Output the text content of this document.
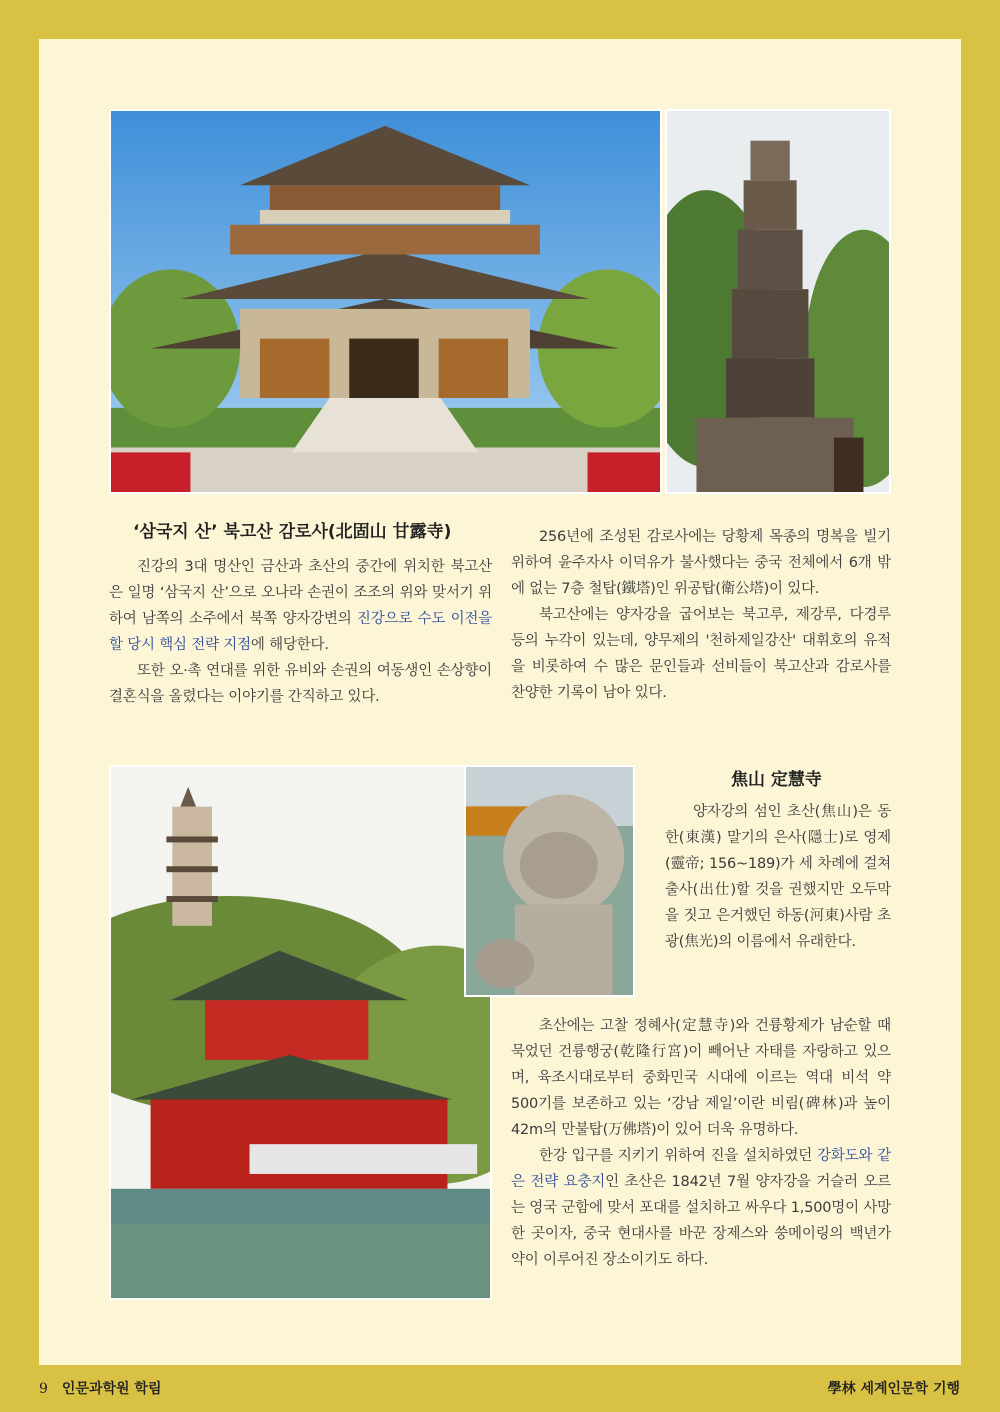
‘삼국지 산’ 북고산 감로사(北固山 甘露寺)

진강의 3대 명산인 금산과 초산의 중간에 위치한 북고산은 일명 ‘삼국지 산’으로 오나라 손권이 조조의 위와 맞서기 위하여 남쪽의 소주에서 북쪽 양자강변의 진강으로 수도 이전을 할 당시 핵심 전략 지점에 해당한다.

또한 오·촉 연대를 위한 유비와 손권의 여동생인 손상향이 결혼식을 올렸다는 이야기를 간직하고 있다.

256년에 조성된 감로사에는 당황제 목종의 명복을 빌기 위하여 윤주자사 이덕유가 불사했다는 중국 전체에서 6개 밖에 없는 7층 철탑(鐵塔)인 위공탑(衛公塔)이 있다.

북고산에는 양자강을 굽어보는 북고루, 제강루, 다경루 등의 누각이 있는데, 양무제의 '천하제일강산' 대휘호의 유적을 비롯하여 수 많은 문인들과 선비들이 북고산과 감로사를 찬양한 기록이 남아 있다.

焦山 定慧寺

양자강의 섬인 초산(焦山)은 동한(東漢) 말기의 은사(隱士)로 영제(靈帝; 156~189)가 세 차례에 걸쳐 출사(出仕)할 것을 권했지만 오두막을 짓고 은거했던 하동(河東)사람 초광(焦光)의 이름에서 유래한다.

초산에는 고찰 정혜사(定慧寺)와 건륭황제가 남순할 때 묵었던 건륭행궁(乾隆行宮)이 빼어난 자태를 자랑하고 있으며, 육조시대로부터 중화민국 시대에 이르는 역대 비석 약 500기를 보존하고 있는 ‘강남 제일’이란 비림(碑林)과 높이 42m의 만불탑(万佛塔)이 있어 더욱 유명하다.

한강 입구를 지키기 위하여 진을 설치하였던 강화도와 같은 전략 요충지인 초산은 1842년 7월 양자강을 거슬러 오르는 영국 군함에 맞서 포대를 설치하고 싸우다 1,500명이 사망한 곳이자, 중국 현대사를 바꾼 장제스와 쑹메이링의 백년가약이 이루어진 장소이기도 하다.

9 인문과학원 학림	學林 세계인문학 기행
